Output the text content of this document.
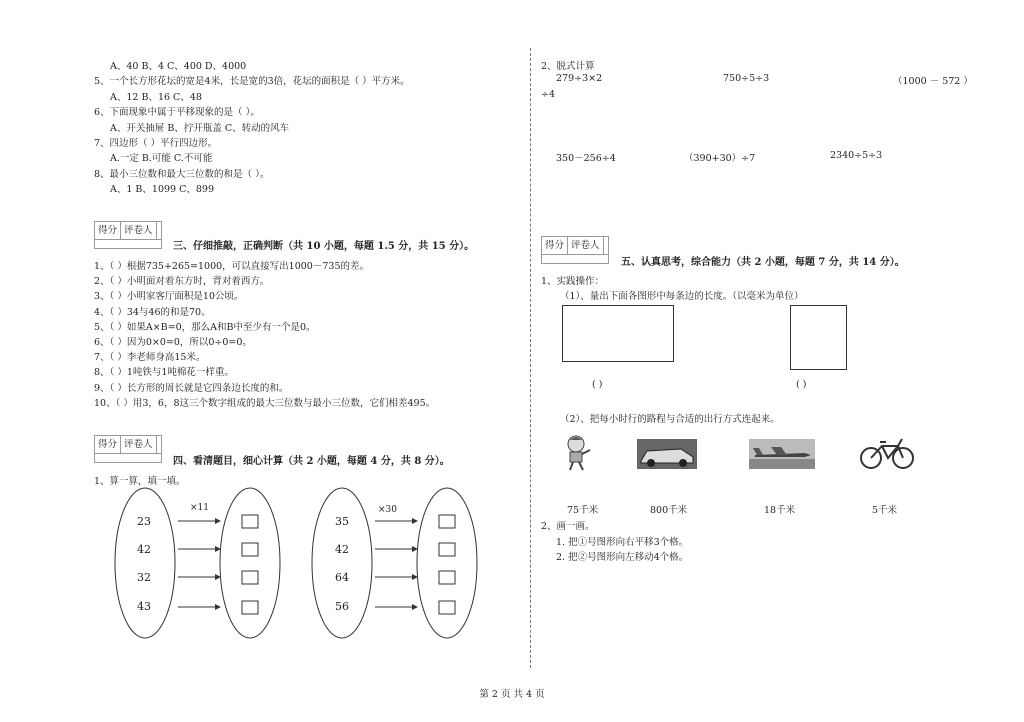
A、40 B、4 C、400 D、4000
5、一个长方形花坛的宽是4米，长是宽的3倍，花坛的面积是（ ）平方米。
A、12 B、16 C、48
6、下面现象中属于平移现象的是（ ）。
A、开关抽屉 B、拧开瓶盖 C、转动的风车
7、四边形（ ）平行四边形。
A.一定 B.可能 C.不可能
8、最小三位数和最大三位数的和是（ ）。
A、1 B、1099 C、899
得分 评卷人
三、仔细推敲，正确判断（共 10 小题，每题 1.5 分，共 15 分）。
1、（ ）根据735+265=1000，可以直接写出1000－735的差。
2、（ ）小明面对着东方时，背对着西方。
3、（ ）小明家客厅面积是10公顷。
4、（ ）34与46的和是70。
5、（ ）如果A×B=0，那么A和B中至少有一个是0。
6、（ ）因为0×0=0，所以0÷0=0。
7、（ ）李老师身高15米。
8、（ ）1吨铁与1吨棉花一样重。
9、（ ）长方形的周长就是它四条边长度的和。
10、（ ）用3，6，8这三个数字组成的最大三位数与最小三位数，它们相差495。
得分 评卷人
四、看清题目，细心计算（共 2 小题，每题 4 分，共 8 分）。
1、算一算，填一填。
×11	×30
23
42
32
43
35
42
64
56
2、脱式计算
279÷3×2	750÷5÷3	（1000 － 572 ）
÷4
350－256÷4	（390+30）÷7	2340÷5÷3
得分 评卷人
五、认真思考，综合能力（共 2 小题，每题 7 分，共 14 分）。
1、实践操作：
（1）、量出下面各图形中每条边的长度。（以毫米为单位）
( )	( )
（2）、把每小时行的路程与合适的出行方式连起来。
75千米	800千米	18千米	5千米
2、画一画。
1. 把①号图形向右平移3个格。
2. 把②号图形向左移动4个格。
第 2 页 共 4 页
